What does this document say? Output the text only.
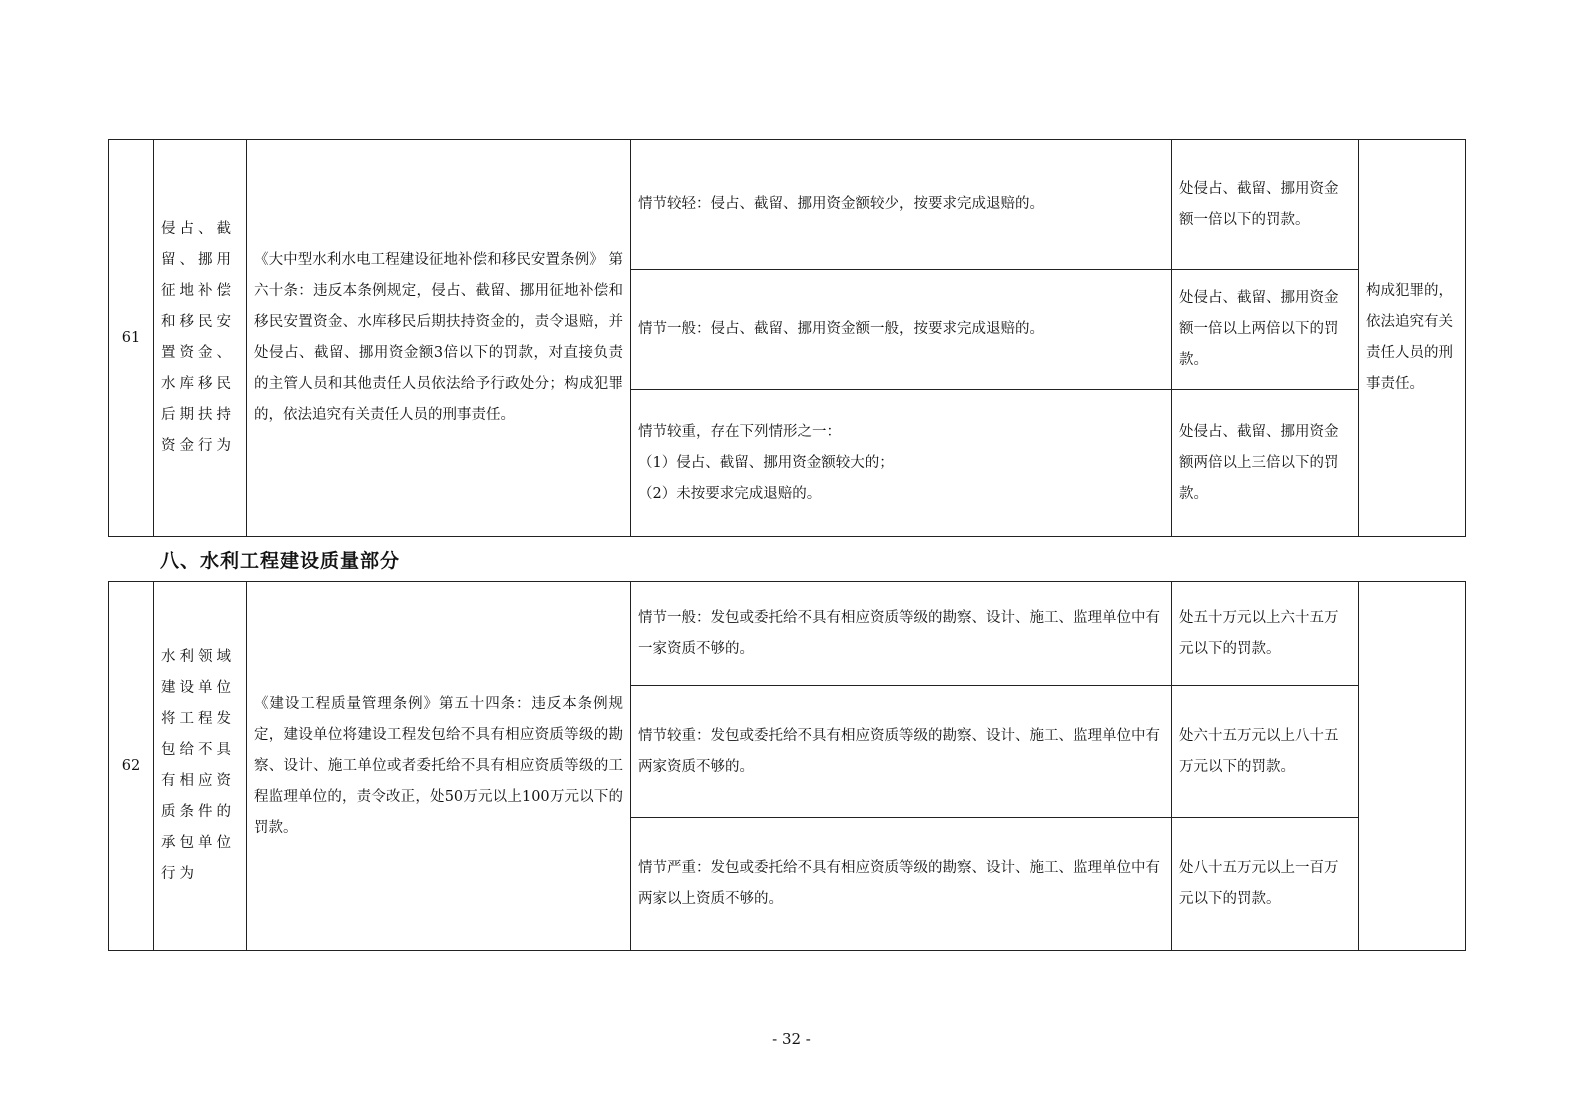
61	侵占、截留、挪用征地补偿和移民安置资金、水库移民后期扶持资金行为	《大中型水利水电工程建设征地补偿和移民安置条例》 第六十条：违反本条例规定，侵占、截留、挪用征地补偿和移民安置资金、水库移民后期扶持资金的，责令退赔，并处侵占、截留、挪用资金额3倍以下的罚款，对直接负责的主管人员和其他责任人员依法给予行政处分；构成犯罪的，依法追究有关责任人员的刑事责任。	情节较轻：侵占、截留、挪用资金额较少，按要求完成退赔的。	处侵占、截留、挪用资金额一倍以下的罚款。	构成犯罪的，依法追究有关责任人员的刑事责任。
			情节一般：侵占、截留、挪用资金额一般，按要求完成退赔的。	处侵占、截留、挪用资金额一倍以上两倍以下的罚款。	

			情节较重，存在下列情形之一：
（1）侵占、截留、挪用资金额较大的；
（2）未按要求完成退赔的。	处侵占、截留、挪用资金额两倍以上三倍以下的罚款。	
八、水利工程建设质量部分
62	水利领域建设单位将工程发包给不具有相应资质条件的承包单位行为	《建设工程质量管理条例》第五十四条：违反本条例规定，建设单位将建设工程发包给不具有相应资质等级的勘察、设计、施工单位或者委托给不具有相应资质等级的工程监理单位的，责令改正，处50万元以上100万元以下的罚款。	情节一般：发包或委托给不具有相应资质等级的勘察、设计、施工、监理单位中有一家资质不够的。	处五十万元以上六十五万元以下的罚款。	
			情节较重：发包或委托给不具有相应资质等级的勘察、设计、施工、监理单位中有两家资质不够的。	处六十五万元以上八十五万元以下的罚款。	
			情节严重：发包或委托给不具有相应资质等级的勘察、设计、施工、监理单位中有两家以上资质不够的。	处八十五万元以上一百万元以下的罚款。	
- 32 -
